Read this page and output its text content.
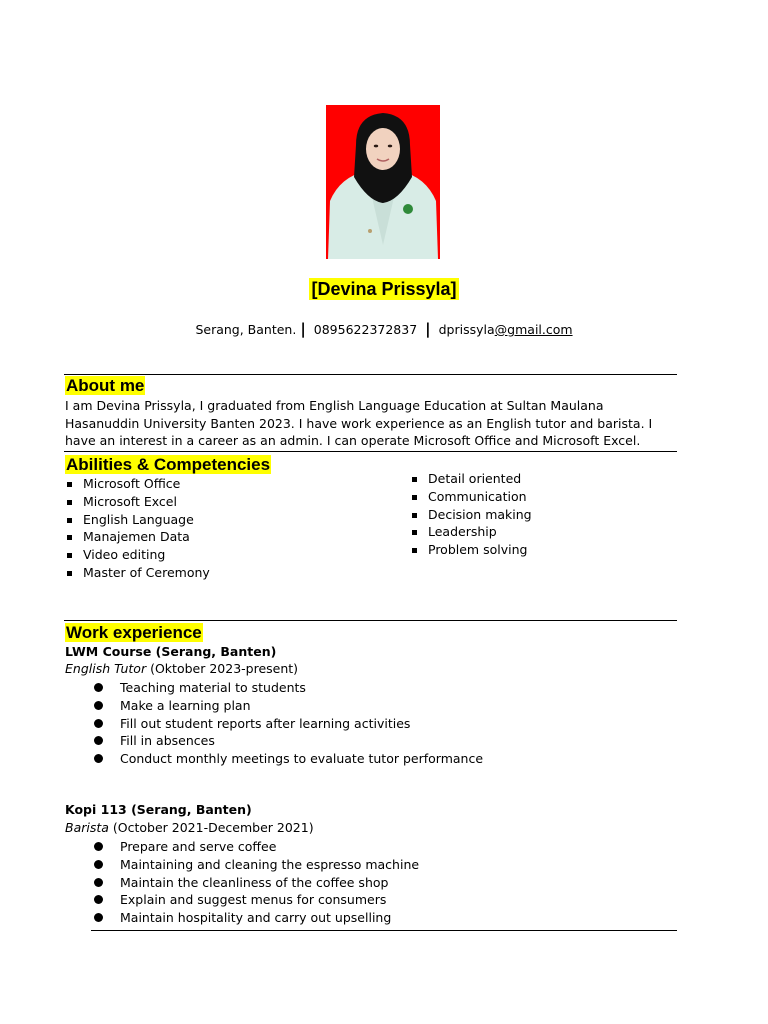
[Devina Prissyla]
Serang, Banten. | 0895622372837 | dprissyla@gmail.com
About me
I am Devina Prissyla, I graduated from English Language Education at Sultan Maulana Hasanuddin University Banten 2023. I have work experience as an English tutor and barista. I have an interest in a career as an admin. I can operate Microsoft Office and Microsoft Excel.
Abilities & Competencies
Microsoft Office
Microsoft Excel
English Language
Manajemen Data
Video editing
Master of Ceremony
Detail oriented
Communication
Decision making
Leadership
Problem solving
Work experience
LWM Course (Serang, Banten)
English Tutor (Oktober 2023-present)
Teaching material to students
Make a learning plan
Fill out student reports after learning activities
Fill in absences
Conduct monthly meetings to evaluate tutor performance
Kopi 113 (Serang, Banten)
Barista (October 2021-December 2021)
Prepare and serve coffee
Maintaining and cleaning the espresso machine
Maintain the cleanliness of the coffee shop
Explain and suggest menus for consumers
Maintain hospitality and carry out upselling
